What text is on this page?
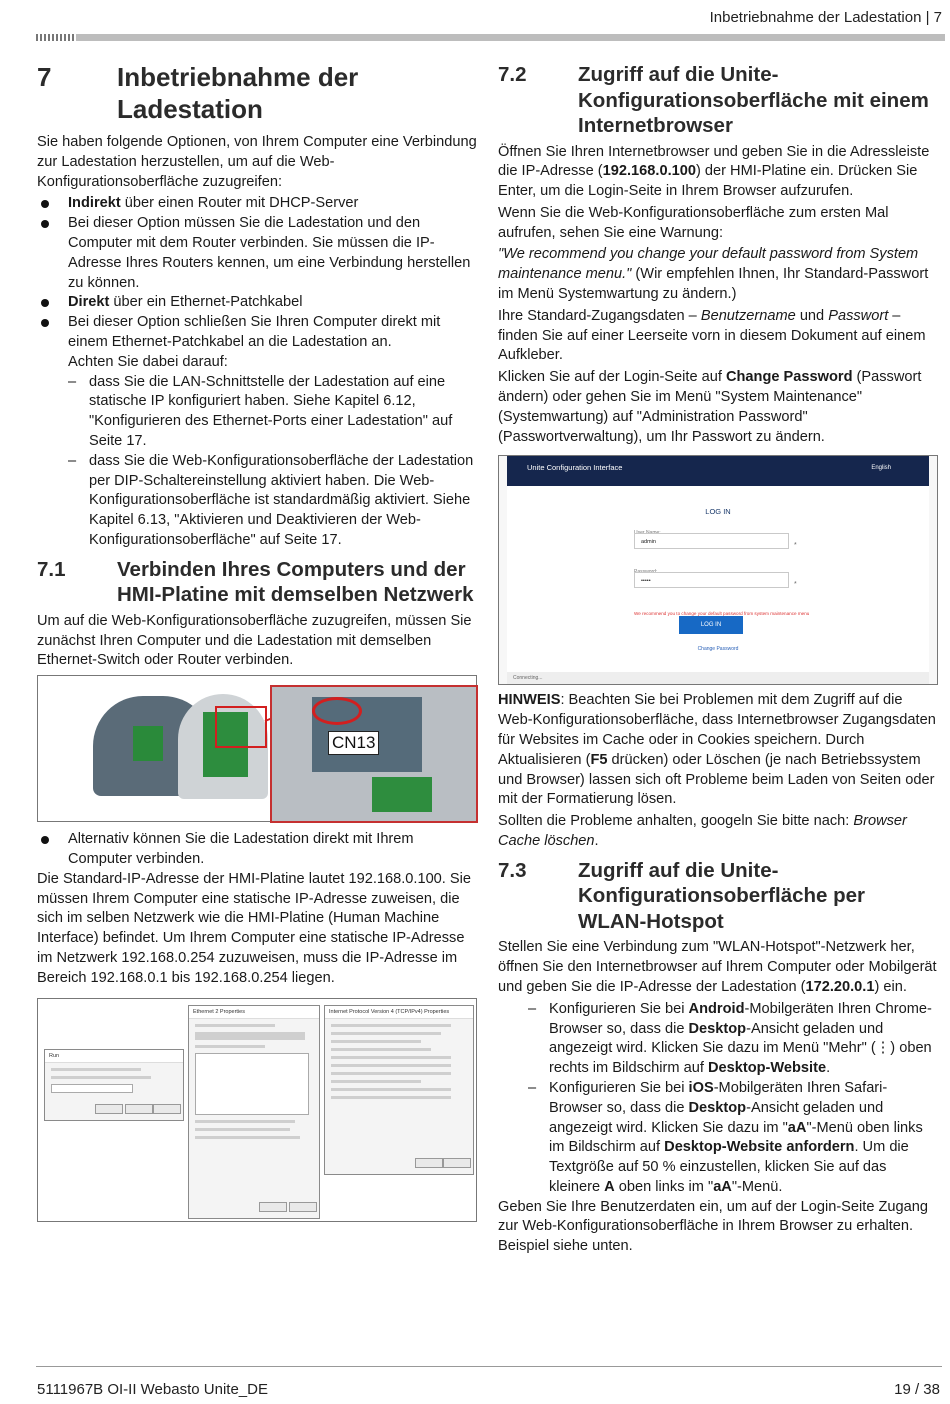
Inbetriebnahme der Ladestation | 7
7	Inbetriebnahme der Ladestation

Sie haben folgende Optionen, von Ihrem Computer eine Verbindung zur Ladestation herzustellen, um auf die Web-Konfigurationsoberfläche zuzugreifen:

Indirekt über einen Router mit DHCP-Server
Bei dieser Option müssen Sie die Ladestation und den Computer mit dem Router verbinden. Sie müssen die IP-Adresse Ihres Routers kennen, um eine Verbindung herstellen zu können.
Direkt über ein Ethernet-Patchkabel
Bei dieser Option schließen Sie Ihren Computer direkt mit einem Ethernet-Patchkabel an die Ladestation an.
Achten Sie dabei darauf:
– dass Sie die LAN-Schnittstelle der Ladestation auf eine statische IP konfiguriert haben. Siehe Kapitel 6.12, "Konfigurieren des Ethernet-Ports einer Ladestation" auf Seite 17.
– dass Sie die Web-Konfigurationsoberfläche der Ladestation per DIP-Schaltereinstellung aktiviert haben. Die Web-Konfigurationsoberfläche ist standardmäßig aktiviert. Siehe Kapitel 6.13, "Aktivieren und Deaktivieren der Web-Konfigurationsoberfläche" auf Seite 17.
7.1	Verbinden Ihres Computers und der HMI-Platine mit demselben Netzwerk

Um auf die Web-Konfigurationsoberfläche zuzugreifen, müssen Sie zunächst Ihren Computer und die Ladestation mit demselben Ethernet-Switch oder Router verbinden.

CN13
Alternativ können Sie die Ladestation direkt mit Ihrem Computer verbinden.

Die Standard-IP-Adresse der HMI-Platine lautet 192.168.0.100. Sie müssen Ihrem Computer eine statische IP-Adresse zuweisen, die sich im selben Netzwerk wie die HMI-Platine (Human Machine Interface) befindet. Um Ihrem Computer eine statische IP-Adresse im Netzwerk 192.168.0.254 zuzuweisen, muss die IP-Adresse im Bereich 192.168.0.1 bis 192.168.0.254 liegen.

Run
Ethernet 2 Properties	Internet Protocol Version 4 (TCP/IPv4) Properties
7.2	Zugriff auf die Unite-Konfigurationsoberfläche mit einem Internetbrowser

Öffnen Sie Ihren Internetbrowser und geben Sie in die Adressleiste die IP-Adresse (192.168.0.100) der HMI-Platine ein. Drücken Sie Enter, um die Login-Seite in Ihrem Browser aufzurufen.

Wenn Sie die Web-Konfigurationsoberfläche zum ersten Mal aufrufen, sehen Sie eine Warnung:

"We recommend you change your default password from System maintenance menu." (Wir empfehlen Ihnen, Ihr Standard-Passwort im Menü Systemwartung zu ändern.)

Ihre Standard-Zugangsdaten – Benutzername und Passwort – finden Sie auf einer Leerseite vorn in diesem Dokument auf einem Aufkleber.

Klicken Sie auf der Login-Seite auf Change Password (Passwort ändern) oder gehen Sie im Menü "System Maintenance" (Systemwartung) auf "Administration Password" (Passwortverwaltung), um Ihr Passwort zu ändern.

Unite Configuration Interface	English
LOG IN
admin	*
•••••	*
We recommend you to change your default password from system maintenance menu
LOG IN
Change Password
Connecting...

HINWEIS: Beachten Sie bei Problemen mit dem Zugriff auf die Web-Konfigurationsoberfläche, dass Internetbrowser Zugangsdaten für Websites im Cache oder in Cookies speichern. Durch Aktualisieren (F5 drücken) oder Löschen (je nach Betriebssystem und Browser) lassen sich oft Probleme beim Laden von Seiten oder mit der Formatierung lösen.

Sollten die Probleme anhalten, googeln Sie bitte nach: Browser Cache löschen.

7.3	Zugriff auf die Unite-Konfigurationsoberfläche per WLAN-Hotspot

Stellen Sie eine Verbindung zum "WLAN-Hotspot"-Netzwerk her, öffnen Sie den Internetbrowser auf Ihrem Computer oder Mobilgerät und geben Sie die IP-Adresse der Ladestation (172.20.0.1) ein.

– Konfigurieren Sie bei Android-Mobilgeräten Ihren Chrome-Browser so, dass die Desktop-Ansicht geladen und angezeigt wird. Klicken Sie dazu im Menü "Mehr" (⋮) oben rechts im Bildschirm auf Desktop-Website.
– Konfigurieren Sie bei iOS-Mobilgeräten Ihren Safari-Browser so, dass die Desktop-Ansicht geladen und angezeigt wird. Klicken Sie dazu im "aA"-Menü oben links im Bildschirm auf Desktop-Website anfordern. Um die Textgröße auf 50 % einzustellen, klicken Sie auf das kleinere A oben links im "aA"-Menü.

Geben Sie Ihre Benutzerdaten ein, um auf der Login-Seite Zugang zur Web-Konfigurationsoberfläche in Ihrem Browser zu erhalten. Beispiel siehe unten.

5111967B OI-II Webasto Unite_DE	19 / 38
